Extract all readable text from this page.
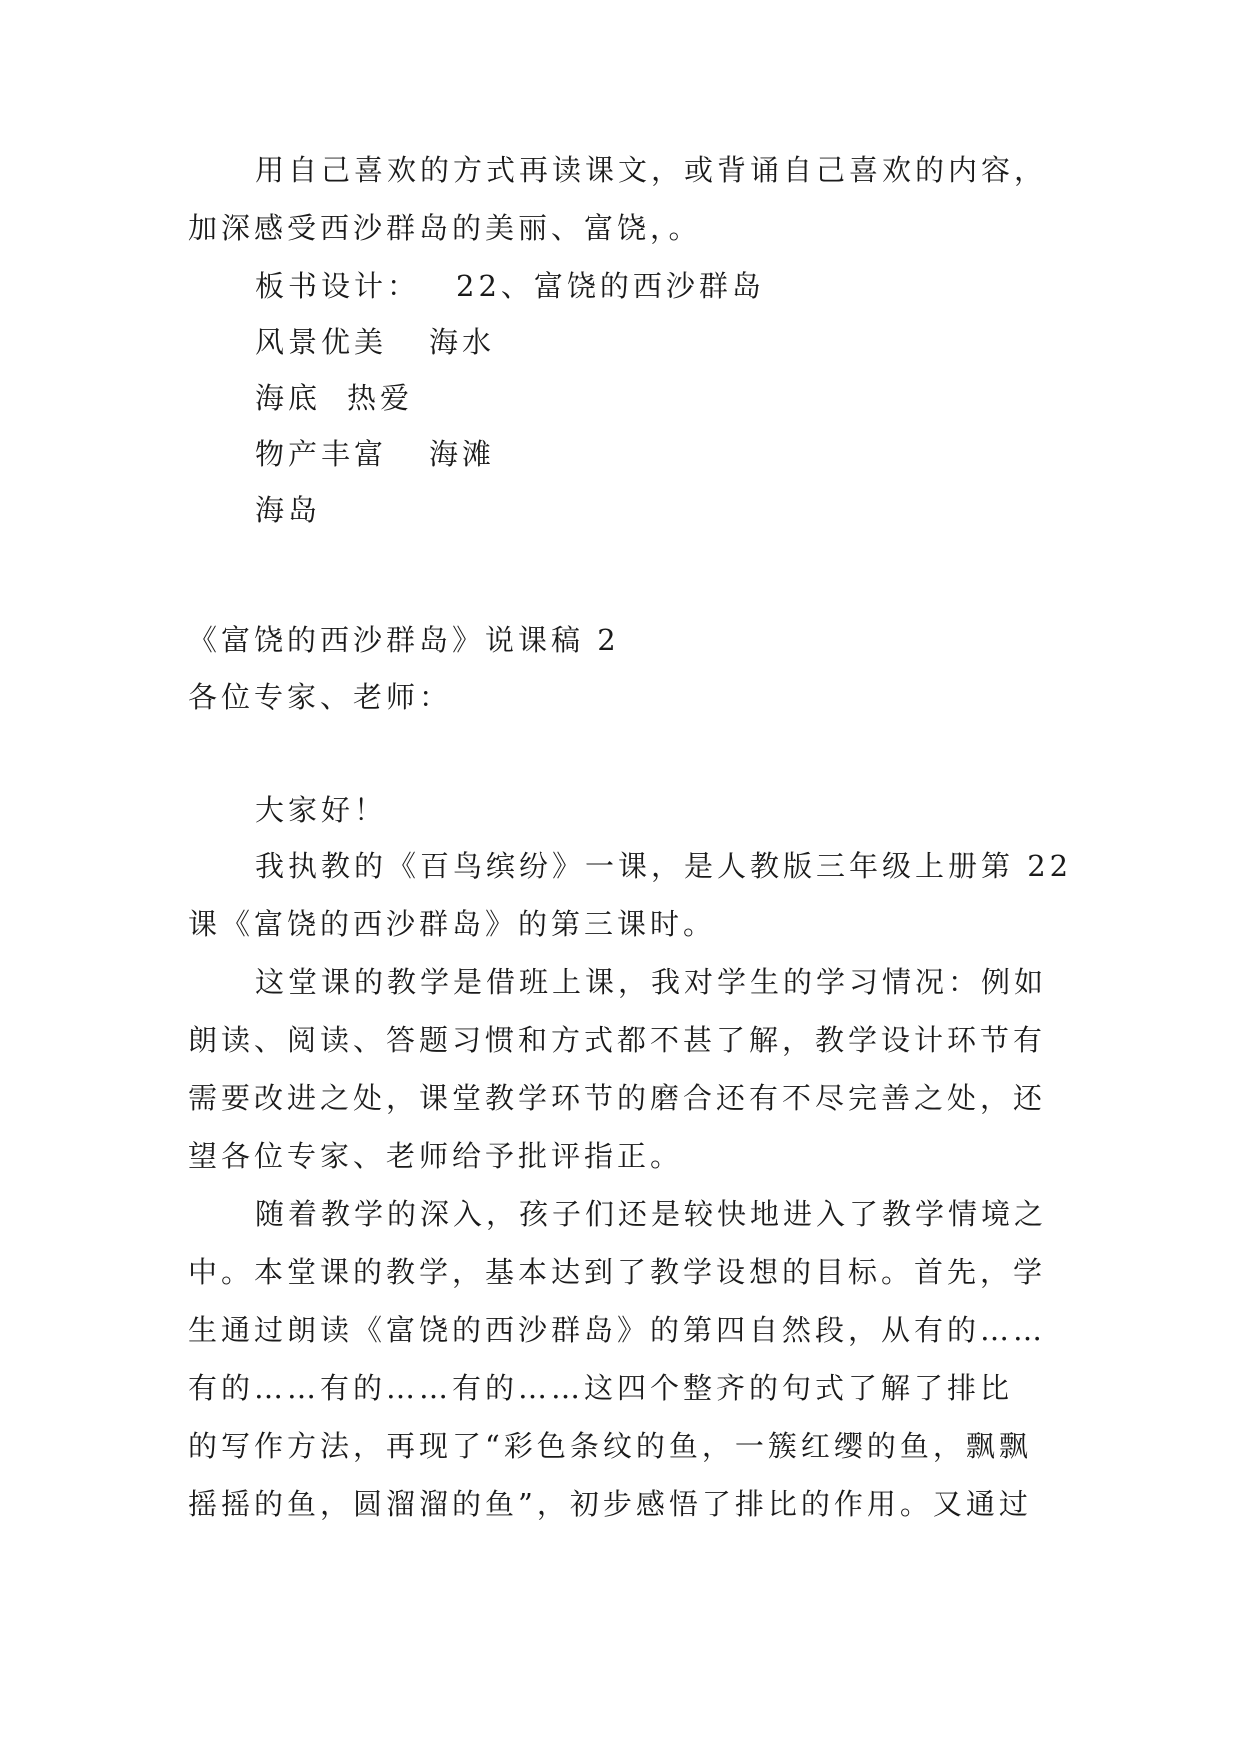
用自己喜欢的方式再读课文，或背诵自己喜欢的内容，
加深感受西沙群岛的美丽、富饶，。
板书设计： 22、富饶的西沙群岛
风景优美 海水
海底 热爱
物产丰富 海滩
海岛
《富饶的西沙群岛》说课稿 2
各位专家、老师：
大家好！
我执教的《百鸟缤纷》一课，是人教版三年级上册第 22
课《富饶的西沙群岛》的第三课时。
这堂课的教学是借班上课，我对学生的学习情况：例如
朗读、阅读、答题习惯和方式都不甚了解，教学设计环节有
需要改进之处，课堂教学环节的磨合还有不尽完善之处，还
望各位专家、老师给予批评指正。
随着教学的深入，孩子们还是较快地进入了教学情境之
中。本堂课的教学，基本达到了教学设想的目标。首先，学
生通过朗读《富饶的西沙群岛》的第四自然段，从有的……
有的……有的……有的……这四个整齐的句式了解了排比
的写作方法，再现了“彩色条纹的鱼，一簇红缨的鱼，飘飘
摇摇的鱼，圆溜溜的鱼”，初步感悟了排比的作用。又通过
